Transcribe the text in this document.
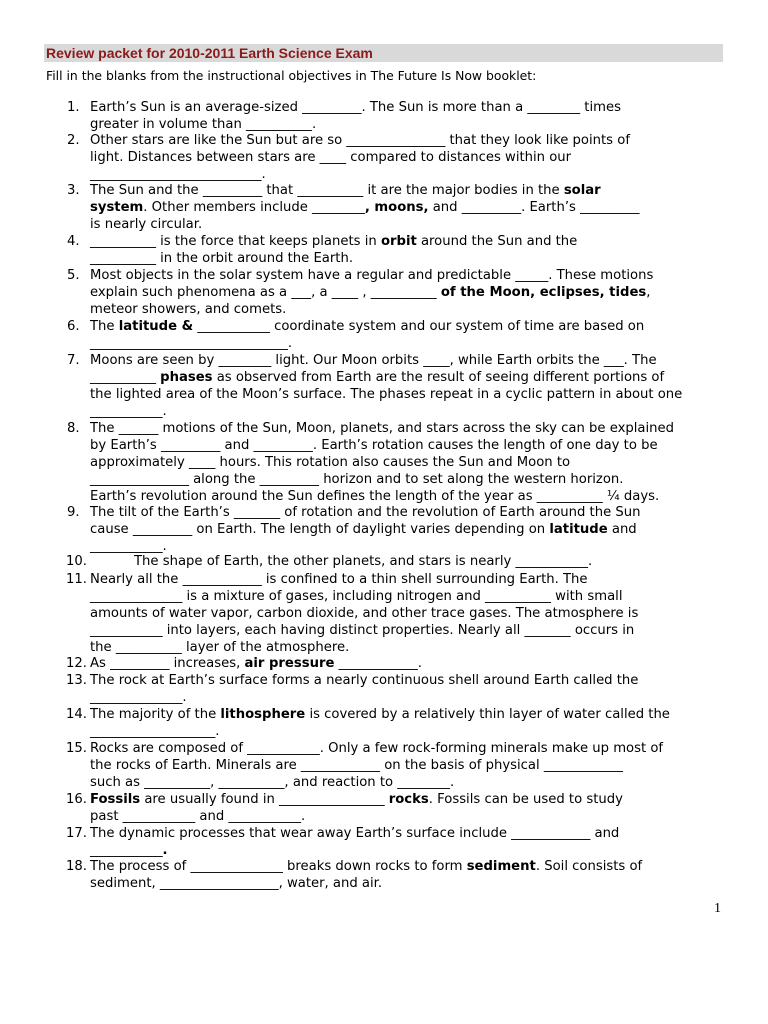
Review packet for 2010-2011 Earth Science Exam
Fill in the blanks from the instructional objectives in The Future Is Now booklet:
1. Earth’s Sun is an average-sized _________. The Sun is more than a ________ times
greater in volume than __________.
2. Other stars are like the Sun but are so _______________ that they look like points of
light. Distances between stars are ____ compared to distances within our
__________________________.
3. The Sun and the _________ that __________ it are the major bodies in the solar
system. Other members include ________, moons, and _________. Earth’s _________
is nearly circular.
4. __________ is the force that keeps planets in orbit around the Sun and the
__________ in the orbit around the Earth.
5. Most objects in the solar system have a regular and predictable _____. These motions
explain such phenomena as a ___, a ____ , __________ of the Moon, eclipses, tides,
meteor showers, and comets.
6. The latitude & ___________ coordinate system and our system of time are based on
______________________________.
7. Moons are seen by ________ light. Our Moon orbits ____, while Earth orbits the ___. The
__________ phases as observed from Earth are the result of seeing different portions of
the lighted area of the Moon’s surface. The phases repeat in a cyclic pattern in about one
___________.
8. The ______ motions of the Sun, Moon, planets, and stars across the sky can be explained
by Earth’s _________ and _________. Earth’s rotation causes the length of one day to be
approximately ____ hours. This rotation also causes the Sun and Moon to
_______________ along the _________ horizon and to set along the western horizon.
Earth’s revolution around the Sun defines the length of the year as __________ ¼ days.
9. The tilt of the Earth’s _______ of rotation and the revolution of Earth around the Sun
cause _________ on Earth. The length of daylight varies depending on latitude and
___________.
10.	The shape of Earth, the other planets, and stars is nearly ___________.
11. Nearly all the ____________ is confined to a thin shell surrounding Earth. The
______________ is a mixture of gases, including nitrogen and __________ with small
amounts of water vapor, carbon dioxide, and other trace gases. The atmosphere is
___________ into layers, each having distinct properties. Nearly all _______ occurs in
the __________ layer of the atmosphere.
12. As _________ increases, air pressure ____________.
13. The rock at Earth’s surface forms a nearly continuous shell around Earth called the
______________.
14. The majority of the lithosphere is covered by a relatively thin layer of water called the
___________________.
15. Rocks are composed of ___________. Only a few rock-forming minerals make up most of
the rocks of Earth. Minerals are ____________ on the basis of physical ____________
such as __________, __________, and reaction to ________.
16. Fossils are usually found in ________________ rocks. Fossils can be used to study
past ___________ and ___________.
17. The dynamic processes that wear away Earth’s surface include ____________ and
___________.
18. The process of ______________ breaks down rocks to form sediment. Soil consists of
sediment, __________________, water, and air.
1
